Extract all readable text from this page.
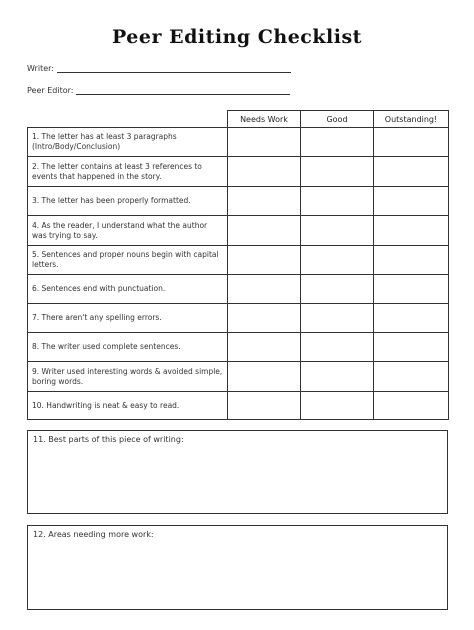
Peer Editing Checklist
Writer:
Peer Editor:
	Needs Work	Good	Outstanding!
1. The letter has at least 3 paragraphs (Intro/Body/Conclusion)			
2. The letter contains at least 3 references to events that happened in the story.			
3. The letter has been properly formatted.			
4. As the reader, I understand what the author was trying to say.			
5. Sentences and proper nouns begin with capital letters.			
6. Sentences end with punctuation.			
7. There aren't any spelling errors.			
8. The writer used complete sentences.			
9. Writer used interesting words & avoided simple, boring words.			
10. Handwriting is neat & easy to read.			
11. Best parts of this piece of writing:
12. Areas needing more work:
